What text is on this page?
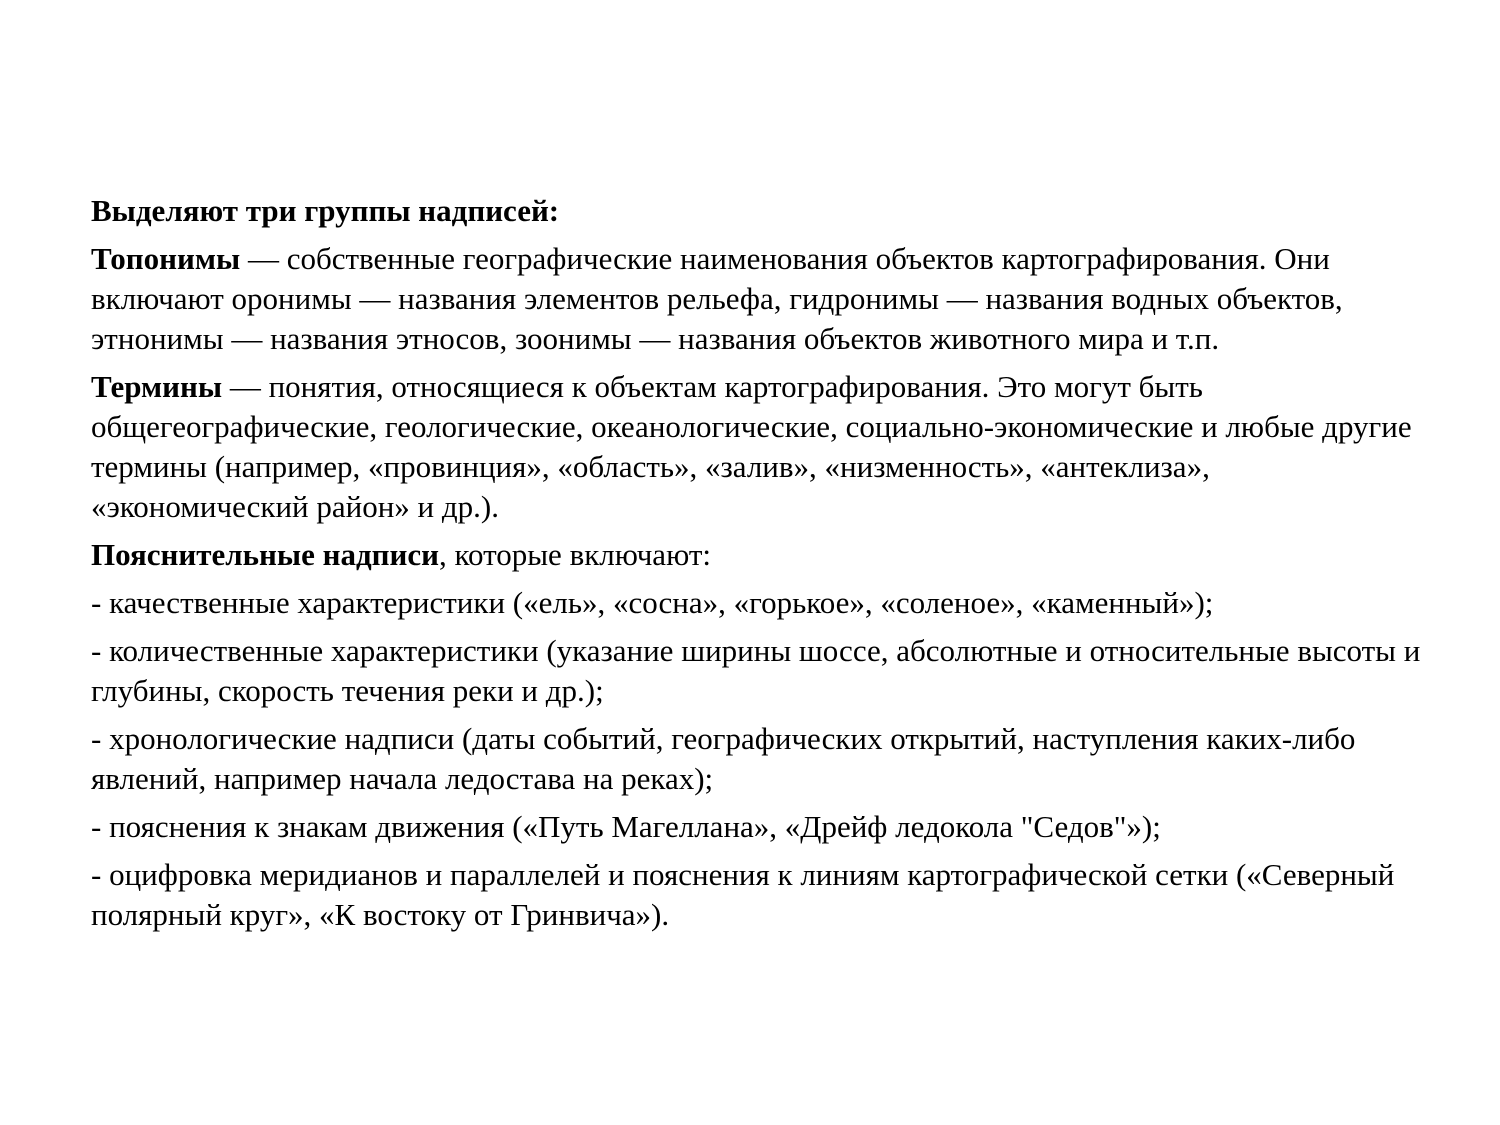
Выделяют три группы надписей:

Топонимы — собственные географические наименования объектов картографирования. Они включают оронимы — названия элементов рельефа, гидронимы — названия водных объектов, этнонимы — названия этносов, зоонимы — названия объектов животного мира и т.п.

Термины — понятия, относящиеся к объектам картографирования. Это могут быть общегеографические, геологические, океанологические, социально-экономические и любые другие термины (например, «провинция», «область», «залив», «низменность», «антеклиза», «экономический район» и др.).

Пояснительные надписи, которые включают:

- качественные характеристики («ель», «сосна», «горькое», «соленое», «каменный»);

- количественные характеристики (указание ширины шоссе, абсолютные и относительные высоты и глубины, скорость течения реки и др.);

- хронологические надписи (даты событий, географических открытий, наступления каких-либо явлений, например начала ледостава на реках);

- пояснения к знакам движения («Путь Магеллана», «Дрейф ледокола "Седов"»);

- оцифровка меридианов и параллелей и пояснения к линиям картографической сетки («Северный полярный круг», «К востоку от Гринвича»).
